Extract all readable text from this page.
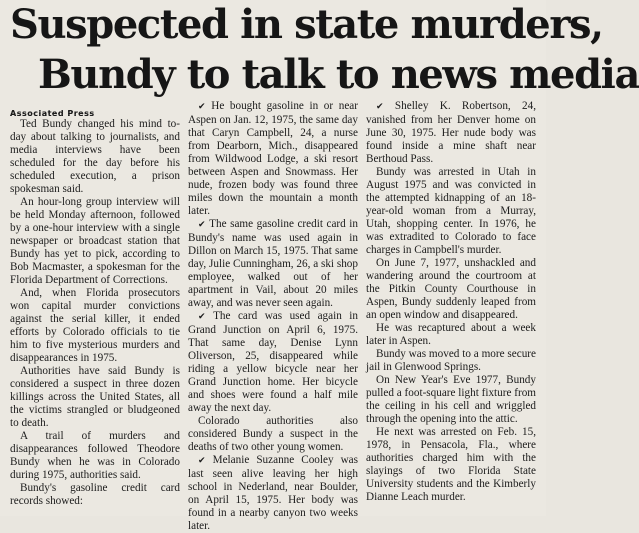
Suspected in state murders,
Bundy to talk to news media
Associated Press

Ted Bundy changed his mind to-day about talking to journalists, and media interviews have been scheduled for the day before his scheduled execution, a prison spokesman said.

An hour-long group interview will be held Monday afternoon, followed by a one-hour interview with a single newspaper or broadcast station that Bundy has yet to pick, according to Bob Macmaster, a spokesman for the Florida Department of Corrections.

And, when Florida prosecutors won capital murder convictions against the serial killer, it ended efforts by Colorado officials to tie him to five mysterious murders and disappearances in 1975.

Authorities have said Bundy is considered a suspect in three dozen killings across the United States, all the victims strangled or bludgeoned to death.

A trail of murders and disappearances followed Theodore Bundy when he was in Colorado during 1975, authorities said.

Bundy's gasoline credit card records showed:

✔ He bought gasoline in or near Aspen on Jan. 12, 1975, the same day that Caryn Campbell, 24, a nurse from Dearborn, Mich., disappeared from Wildwood Lodge, a ski resort between Aspen and Snowmass. Her nude, frozen body was found three miles down the mountain a month later.

✔ The same gasoline credit card in Bundy's name was used again in Dillon on March 15, 1975. That same day, Julie Cunningham, 26, a ski shop employee, walked out of her apartment in Vail, about 20 miles away, and was never seen again.

✔ The card was used again in Grand Junction on April 6, 1975. That same day, Denise Lynn Oliverson, 25, disappeared while riding a yellow bicycle near her Grand Junction home. Her bicycle and shoes were found a half mile away the next day.

Colorado authorities also considered Bundy a suspect in the deaths of two other young women.

✔ Melanie Suzanne Cooley was last seen alive leaving her high school in Nederland, near Boulder, on April 15, 1975. Her body was found in a nearby canyon two weeks later.

✔ Shelley K. Robertson, 24, vanished from her Denver home on June 30, 1975. Her nude body was found inside a mine shaft near Berthoud Pass.

Bundy was arrested in Utah in August 1975 and was convicted in the attempted kidnapping of an 18-year-old woman from a Murray, Utah, shopping center. In 1976, he was extradited to Colorado to face charges in Campbell's murder.

On June 7, 1977, unshackled and wandering around the courtroom at the Pitkin County Courthouse in Aspen, Bundy suddenly leaped from an open window and disappeared.

He was recaptured about a week later in Aspen.

Bundy was moved to a more secure jail in Glenwood Springs.

On New Year's Eve 1977, Bundy pulled a foot-square light fixture from the ceiling in his cell and wriggled through the opening into the attic.

He next was arrested on Feb. 15, 1978, in Pensacola, Fla., where authorities charged him with the slayings of two Florida State University students and the Kimberly Dianne Leach murder.
